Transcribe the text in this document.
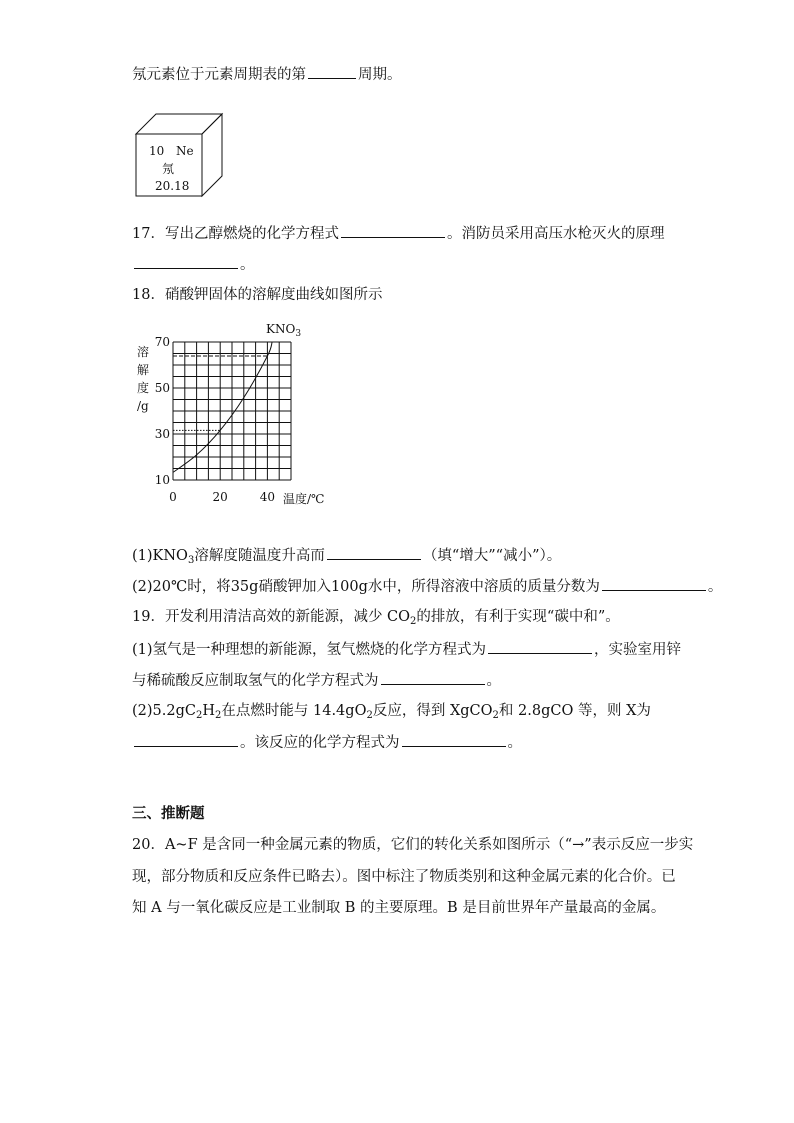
氖元素位于元素周期表的第	周期。
10 Ne
氖
20.18
17．写出乙醇燃烧的化学方程式	。消防员采用高压水枪灭火的原理
。
18．硝酸钾固体的溶解度曲线如图所示
0	20	40
10
30
50
70
$KNO_3$
溶
解
度
/g
温度/℃
$(1)KNO_3$溶解度随温度升高而	（填“增大”“减小”）。
(2)20℃时，将35g硝酸钾加入100g水中，所得溶液中溶质的质量分数为	。
19．开发利用清洁高效的新能源，减少 $CO_2$的排放，有利于实现“碳中和”。
(1)氢气是一种理想的新能源，氢气燃烧的化学方程式为	，实验室用锌
与稀硫酸反应制取氢气的化学方程式为	。
$(2)5.2gC_2H_2$在点燃时能与 $14.4gO_2$反应，得到 XgCO$_2$和 2.8gCO 等，则 X为
。该反应的化学方程式为	。
三、推断题
20．A~F 是含同一种金属元素的物质，它们的转化关系如图所示（“→”表示反应一步实
现，部分物质和反应条件已略去）。图中标注了物质类别和这种金属元素的化合价。已
知 A 与一氧化碳反应是工业制取 B 的主要原理。B 是目前世界年产量最高的金属。
